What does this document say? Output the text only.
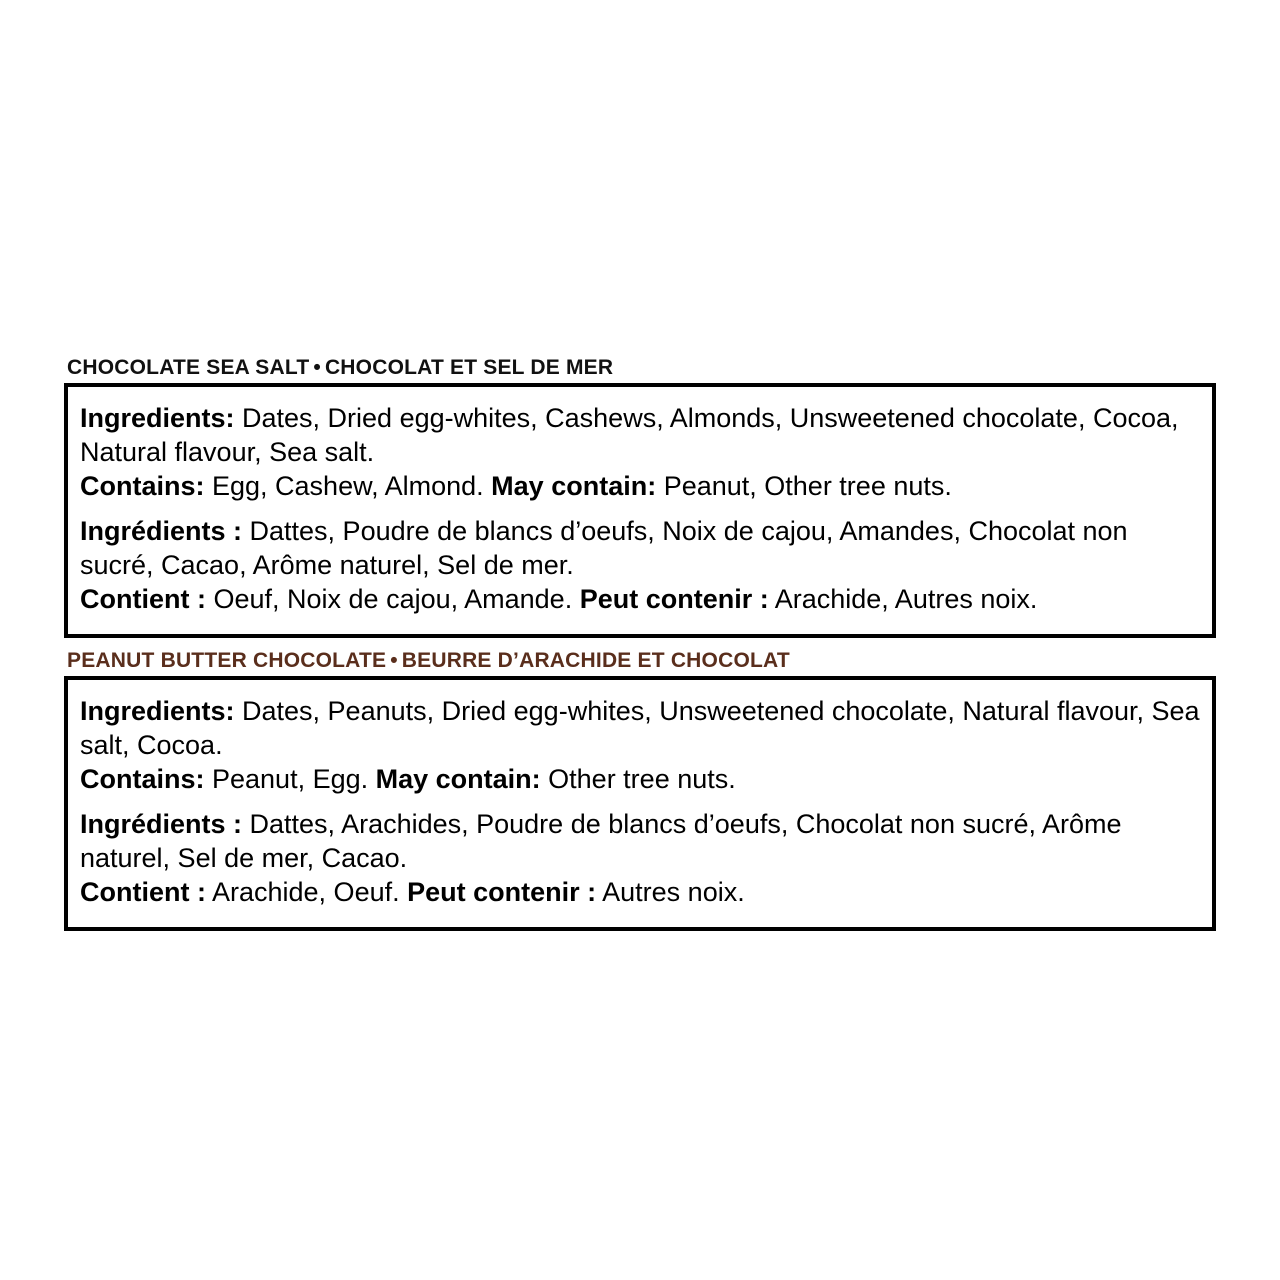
CHOCOLATE SEA SALT • CHOCOLAT ET SEL DE MER

Ingredients: Dates, Dried egg-whites, Cashews, Almonds, Unsweetened chocolate, Cocoa, Natural flavour, Sea salt.

Contains: Egg, Cashew, Almond. May contain: Peanut, Other tree nuts.

Ingrédients : Dattes, Poudre de blancs d’oeufs, Noix de cajou, Amandes, Chocolat non sucré, Cacao, Arôme naturel, Sel de mer.

Contient : Oeuf, Noix de cajou, Amande. Peut contenir : Arachide, Autres noix.

PEANUT BUTTER CHOCOLATE • BEURRE D’ARACHIDE ET CHOCOLAT

Ingredients: Dates, Peanuts, Dried egg-whites, Unsweetened chocolate, Natural flavour, Sea salt, Cocoa.

Contains: Peanut, Egg. May contain: Other tree nuts.

Ingrédients : Dattes, Arachides, Poudre de blancs d’oeufs, Chocolat non sucré, Arôme naturel, Sel de mer, Cacao.

Contient : Arachide, Oeuf. Peut contenir : Autres noix.
